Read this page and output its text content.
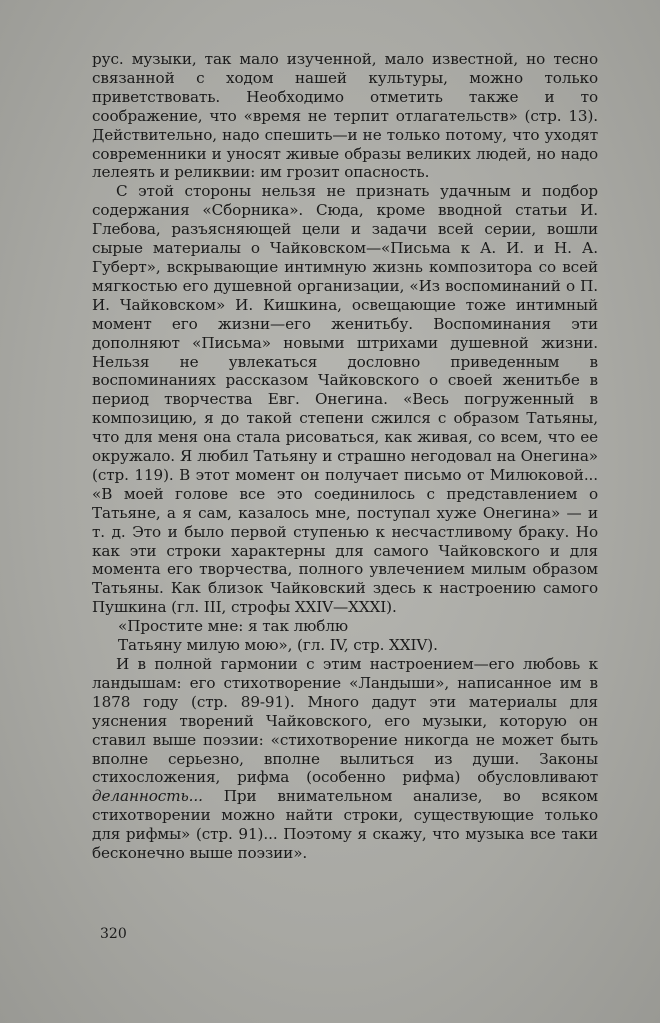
рус. музыки, так мало изученной, мало известной, но тесно связанной с ходом нашей культуры, можно только приветствовать. Необходимо отметить также и то соображение, что «время не терпит отлагательств» (стр. 13). Действительно, надо спешить—и не только потому, что уходят современники и уносят живые образы великих людей, но надо лелеять и реликвии: им грозит опасность.

С этой стороны нельзя не признать удачным и подбор содержания «Сборника». Сюда, кроме вводной статьи И. Глебова, разъясняющей цели и задачи всей серии, вошли сырые материалы о Чайковском—«Письма к А. И. и Н. А. Губерт», вскрывающие интимную жизнь композитора со всей мягкостью его душевной организации, «Из воспоминаний о П. И. Чайковском» И. Кишкина, освещающие тоже интимный момент его жизни—его женитьбу. Воспоминания эти дополняют «Письма» новыми штрихами душевной жизни. Нельзя не увлекаться дословно приведенным в воспоминаниях рассказом Чайковского о своей женитьбе в период творчества Евг. Онегина. «Весь погруженный в композицию, я до такой степени сжился с образом Татьяны, что для меня она стала рисоваться, как живая, со всем, что ее окружало. Я любил Татьяну и страшно негодовал на Онегина» (стр. 119). В этот момент он получает письмо от Милюковой... «В моей голове все это соединилось с представлением о Татьяне, а я сам, казалось мне, поступал хуже Онегина» — и т. д. Это и было первой ступенью к несчастливому браку. Но как эти строки характерны для самого Чайковского и для момента его творчества, полного увлечением милым образом Татьяны. Как близок Чайковский здесь к настроению самого Пушкина (гл. III, строфы XXIV—XXXI).

«Простите мне: я так люблю
Татьяну милую мою», (гл. IV, стр. XXIV).

И в полной гармонии с этим настроением—его любовь к ландышам: его стихотворение «Ландыши», написанное им в 1878 году (стр. 89-91). Много дадут эти материалы для уяснения творений Чайковского, его музыки, которую он ставил выше поэзии: «стихотворение никогда не может быть вполне серьезно, вполне вылиться из души. Законы стихосложения, рифма (особенно рифма) обусловливают деланность... При внимательном анализе, во всяком стихотворении можно найти строки, существующие только для рифмы» (стр. 91)... Поэтому я скажу, что музыка все таки бесконечно выше поэзии».

320
